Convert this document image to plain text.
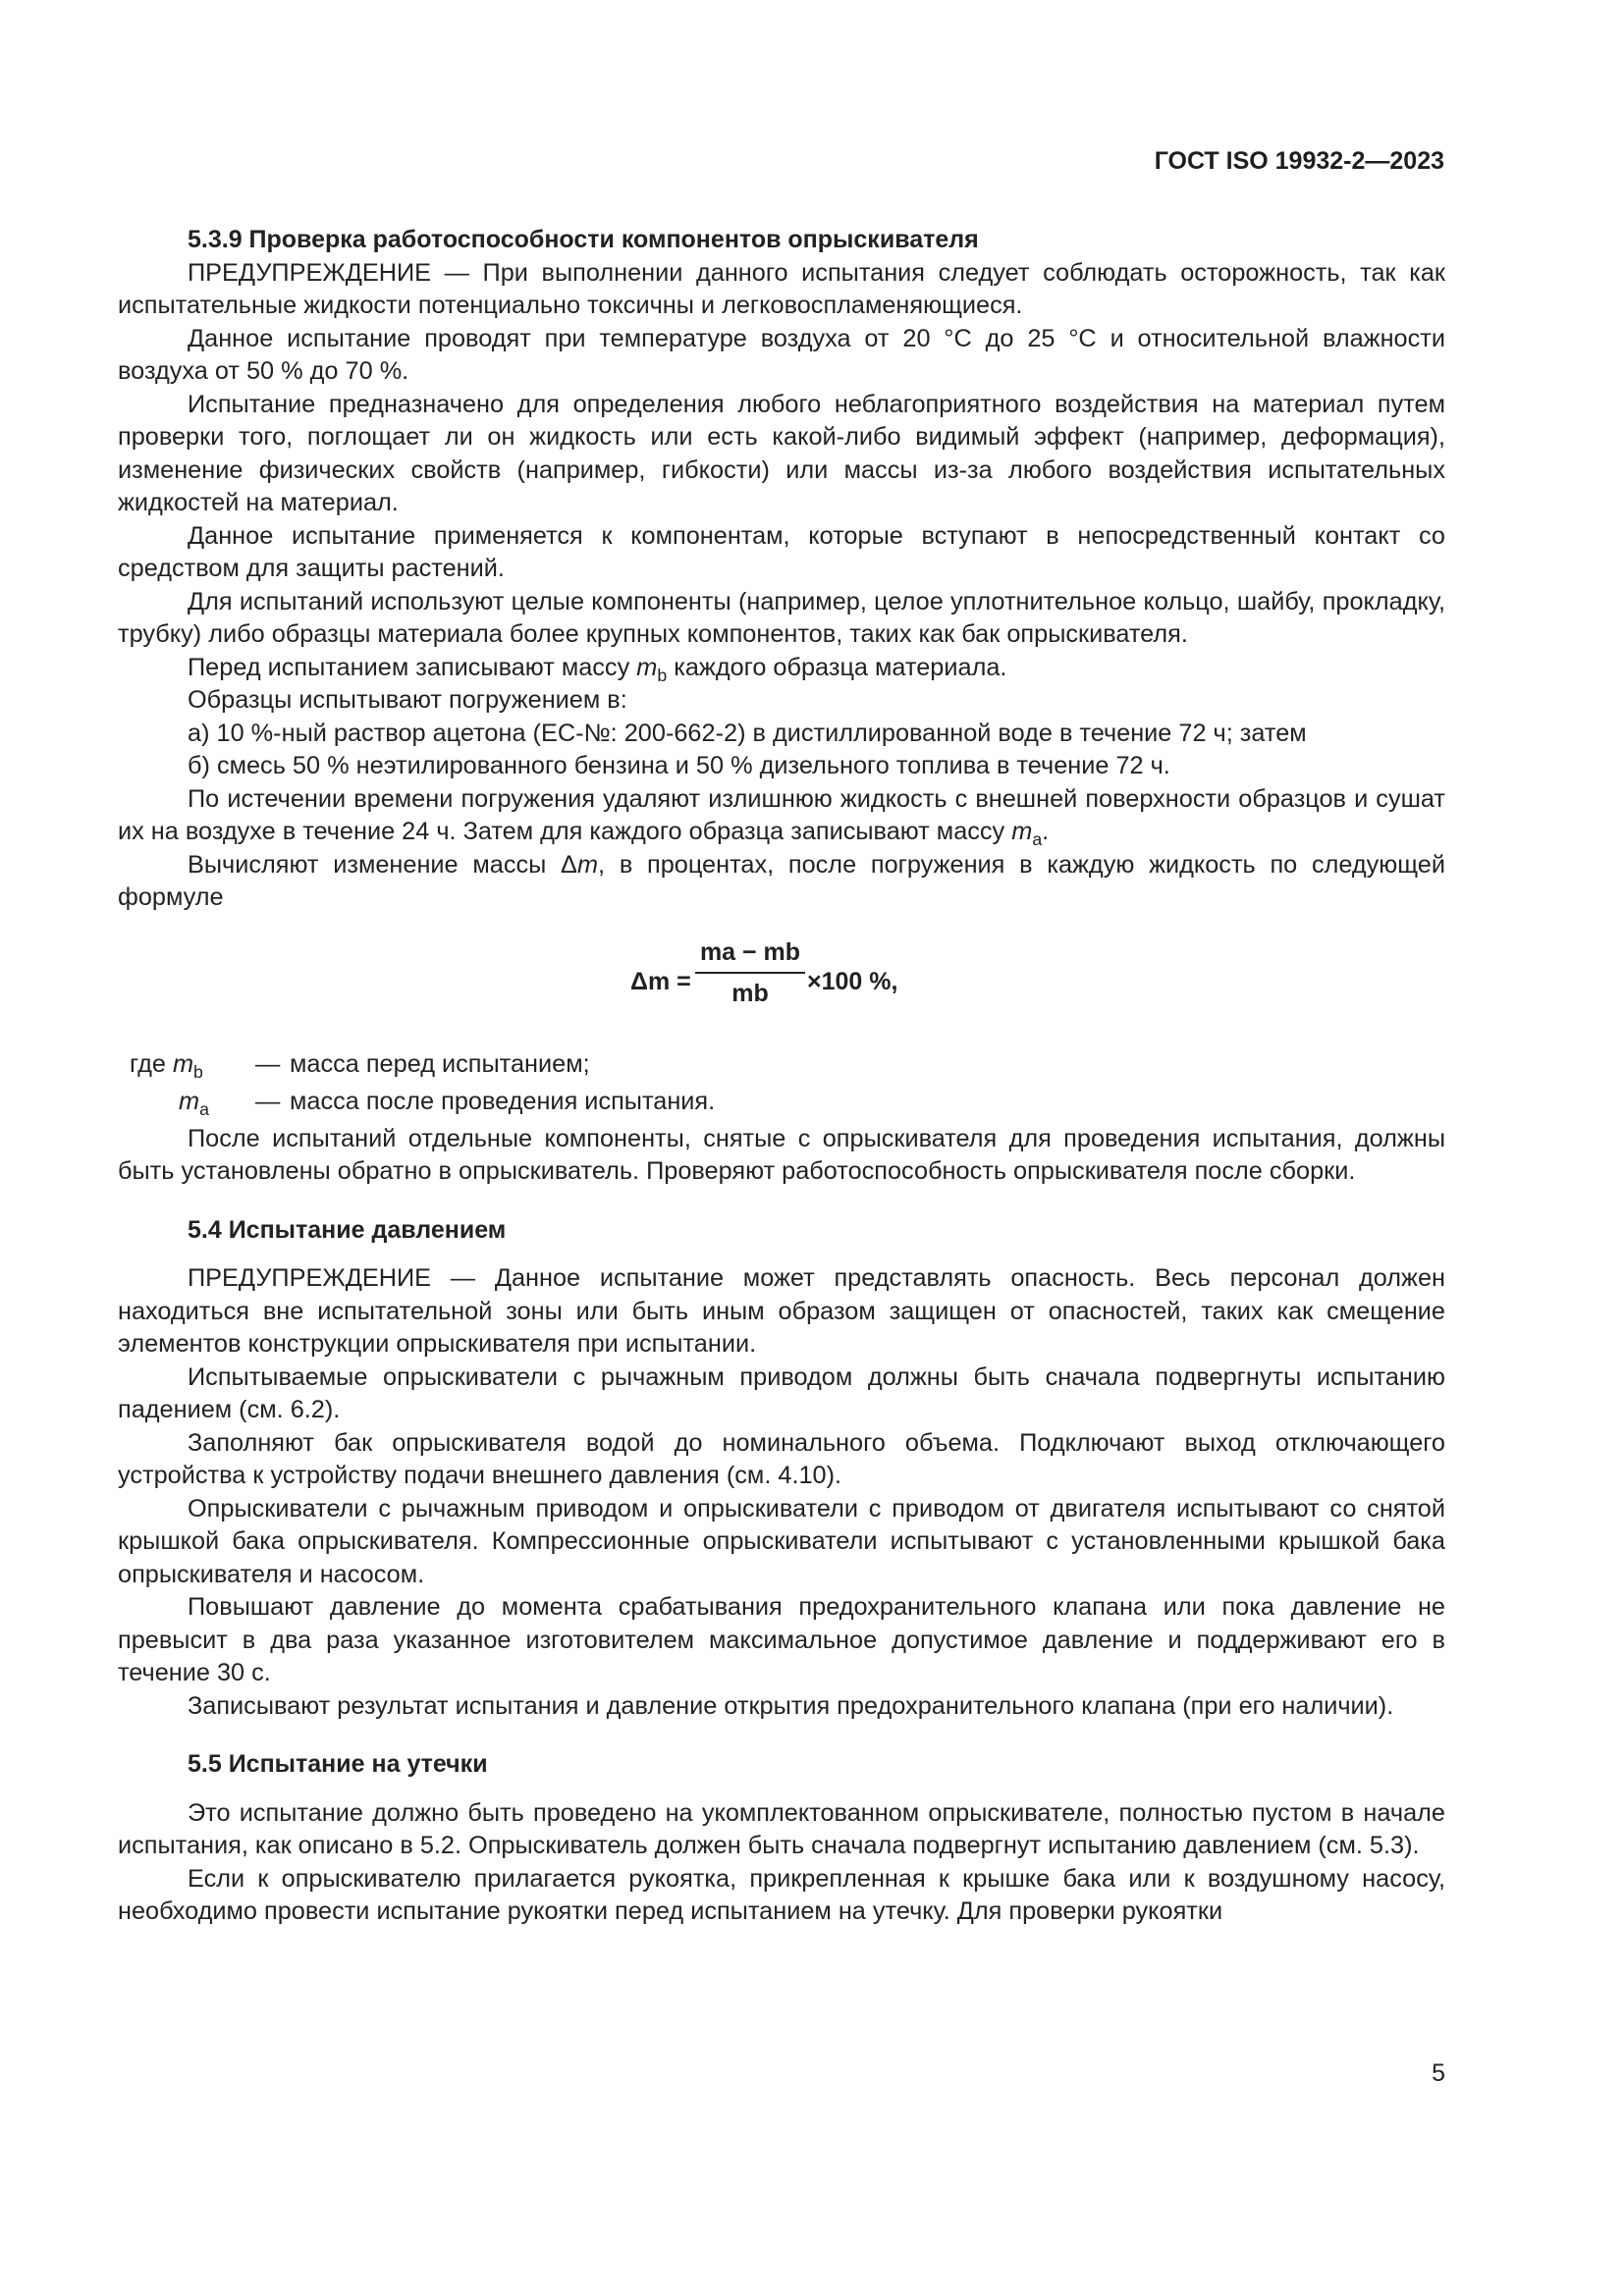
ГОСТ ISO 19932-2—2023
5.3.9 Проверка работоспособности компонентов опрыскивателя

ПРЕДУПРЕЖДЕНИЕ — При выполнении данного испытания следует соблюдать осторожность, так как испытательные жидкости потенциально токсичны и легковоспламеняющиеся.

Данное испытание проводят при температуре воздуха от 20 °С до 25 °С и относительной влажности воздуха от 50 % до 70 %.

Испытание предназначено для определения любого неблагоприятного воздействия на материал путем проверки того, поглощает ли он жидкость или есть какой-либо видимый эффект (например, деформация), изменение физических свойств (например, гибкости) или массы из-за любого воздействия испытательных жидкостей на материал.

Данное испытание применяется к компонентам, которые вступают в непосредственный контакт со средством для защиты растений.

Для испытаний используют целые компоненты (например, целое уплотнительное кольцо, шайбу, прокладку, трубку) либо образцы материала более крупных компонентов, таких как бак опрыскивателя.

Перед испытанием записывают массу $m_b$ каждого образца материала.

Образцы испытывают погружением в:

а) 10 %-ный раствор ацетона (ЕС-№: 200-662-2) в дистиллированной воде в течение 72 ч; затем

б) смесь 50 % неэтилированного бензина и 50 % дизельного топлива в течение 72 ч.

По истечении времени погружения удаляют излишнюю жидкость с внешней поверхности образцов и сушат их на воздухе в течение 24 ч. Затем для каждого образца записывают массу $m_a$.

Вычисляют изменение массы Δm, в процентах, после погружения в каждую жидкость по следующей формуле

$\Delta m = \frac{ma - mb}{mb} \times 100$ %,
где $m_b$ — масса перед испытанием;
$m_a$ — масса после проведения испытания.

После испытаний отдельные компоненты, снятые с опрыскивателя для проведения испытания, должны быть установлены обратно в опрыскиватель. Проверяют работоспособность опрыскивателя после сборки.

5.4 Испытание давлением

ПРЕДУПРЕЖДЕНИЕ — Данное испытание может представлять опасность. Весь персонал должен находиться вне испытательной зоны или быть иным образом защищен от опасностей, таких как смещение элементов конструкции опрыскивателя при испытании.

Испытываемые опрыскиватели с рычажным приводом должны быть сначала подвергнуты испытанию падением (см. 6.2).

Заполняют бак опрыскивателя водой до номинального объема. Подключают выход отключающего устройства к устройству подачи внешнего давления (см. 4.10).

Опрыскиватели с рычажным приводом и опрыскиватели с приводом от двигателя испытывают со снятой крышкой бака опрыскивателя. Компрессионные опрыскиватели испытывают с установленными крышкой бака опрыскивателя и насосом.

Повышают давление до момента срабатывания предохранительного клапана или пока давление не превысит в два раза указанное изготовителем максимальное допустимое давление и поддерживают его в течение 30 с.

Записывают результат испытания и давление открытия предохранительного клапана (при его наличии).

5.5 Испытание на утечки

Это испытание должно быть проведено на укомплектованном опрыскивателе, полностью пустом в начале испытания, как описано в 5.2. Опрыскиватель должен быть сначала подвергнут испытанию давлением (см. 5.3).

Если к опрыскивателю прилагается рукоятка, прикрепленная к крышке бака или к воздушному насосу, необходимо провести испытание рукоятки перед испытанием на утечку. Для проверки рукоятки

5
